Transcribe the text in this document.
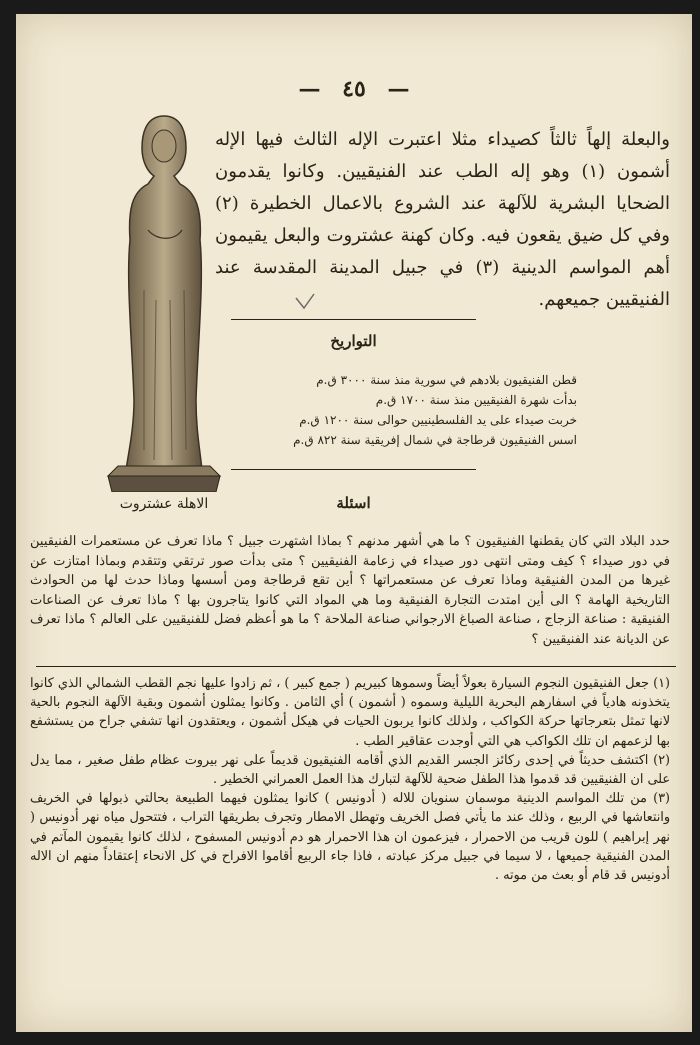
— ٤٥ —
والبعلة إلهاً ثالثاً كصيداء مثلا اعتبرت الإله الثالث فيها الإله أشمون (١) وهو إله الطب عند الفنيقيين. وكانوا يقدمون الضحايا البشرية للآلهة عند الشروع بالاعمال الخطيرة (٢) وفي كل ضيق يقعون فيه. وكان كهنة عشتروت والبعل يقيمون أهم المواسم الدينية (٣) في جبيل المدينة المقدسة عند الفنيقيين جميعهم.
الاهلة عشتروت
التواريخ
قطن الفنيقيون بلادهم في سورية منذ سنة ٣٠٠٠ ق.م
بدأت شهرة الفنيقيين منذ سنة ١٧٠٠ ق.م
خربت صيداء على يد الفلسطينيين حوالى سنة ١٢٠٠ ق.م
اسس الفنيقيون قرطاجة في شمال إفريقية سنة ٨٢٢ ق.م
اسئلة
حدد البلاد التي كان يقطنها الفنيقيون ؟ ما هي أشهر مدنهم ؟ بماذا اشتهرت جبيل ؟ ماذا تعرف عن مستعمرات الفنيقيين في دور صيداء ؟ كيف ومتى انتهى دور صيداء في زعامة الفنيقيين ؟ متى بدأت صور ترتقي وتتقدم وبماذا امتازت عن غيرها من المدن الفنيقية وماذا تعرف عن مستعمراتها ؟ أين تقع قرطاجة ومن أسسها وماذا حدث لها من الحوادث التاريخية الهامة ؟ الى أين امتدت التجارة الفنيقية وما هي المواد التي كانوا يتاجرون بها ؟ ماذا تعرف عن الصناعات الفنيقية : صناعة الزجاج ، صناعة الصباغ الارجواني صناعة الملاحة ؟ ما هو أعظم فضل للفنيقيين على العالم ؟ ماذا تعرف عن الديانة عند الفنيقيين ؟

(١) جعل الفنيقيون النجوم السيارة بعولاً أيضاً وسموها كبيريم ( جمع كبير ) ، ثم زادوا عليها نجم القطب الشمالي الذي كانوا يتخذونه هادياً في اسفارهم البحرية الليلية وسموه ( أشمون ) أي الثامن . وكانوا يمثلون أشمون وبقية الآلهة النجوم بالحية لانها تمثل بتعرجاتها حركة الكواكب ، ولذلك كانوا يربون الحيات في هيكل أشمون ، ويعتقدون انها تشفي جراح من يستشفع بها لزعمهم ان تلك الكواكب هي التي أوجدت عقاقير الطب .

(٢) اكتشف حديثاً في إحدى ركائز الجسر القديم الذي أقامه الفنيقيون قديماً على نهر بيروت عظام طفل صغير ، مما يدل على ان الفنيقيين قد قدموا هذا الطفل ضحية للآلهة لتبارك هذا العمل العمراني الخطير .

(٣) من تلك المواسم الدينية موسمان سنويان للاله ( أدونيس ) كانوا يمثلون فيهما الطبيعة بحالتي ذبولها في الخريف وانتعاشها في الربيع ، وذلك عند ما يأتي فصل الخريف وتهطل الامطار وتجرف بطريقها التراب ، فتتحول مياه نهر أدونيس ( نهر إبراهيم ) للون قريب من الاحمرار ، فيزعمون ان هذا الاحمرار هو دم أدونيس المسفوح ، لذلك كانوا يقيمون المآتم في المدن الفنيقية جميعها ، لا سيما في جبيل مركز عبادته ، فاذا جاء الربيع أقاموا الافراح في كل الانحاء إعتقاداً منهم ان الاله أدونيس قد قام أو بعث من موته .
